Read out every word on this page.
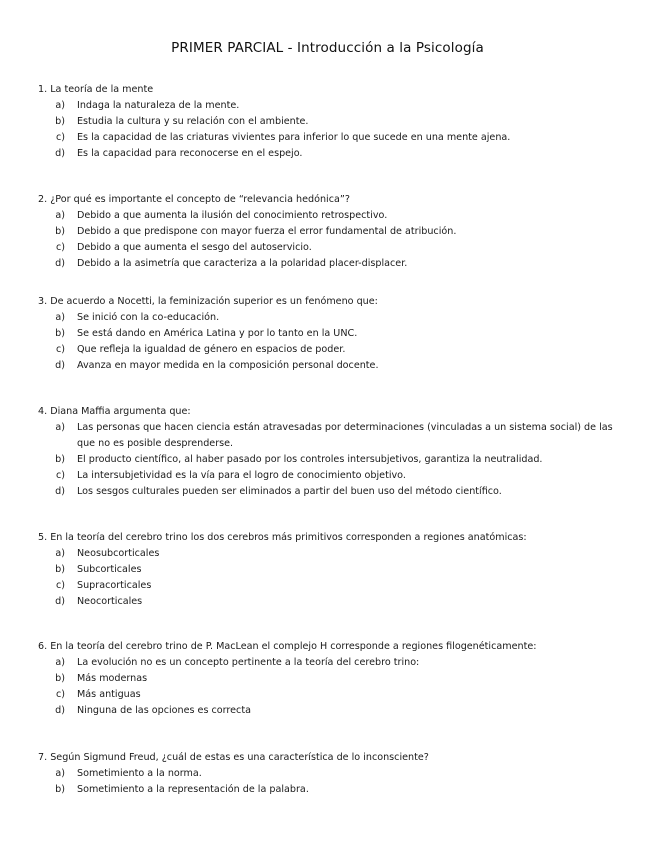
PRIMER PARCIAL - Introducción a la Psicología

1. La teoría de la mente

a)	Indaga la naturaleza de la mente.
b)	Estudia la cultura y su relación con el ambiente.
c)	Es la capacidad de las criaturas vivientes para inferior lo que sucede en una mente ajena.
d)	Es la capacidad para reconocerse en el espejo.

2. ¿Por qué es importante el concepto de “relevancia hedónica”?

a)	Debido a que aumenta la ilusión del conocimiento retrospectivo.
b)	Debido a que predispone con mayor fuerza el error fundamental de atribución.
c)	Debido a que aumenta el sesgo del autoservicio.
d)	Debido a la asimetría que caracteriza a la polaridad placer-displacer.

3. De acuerdo a Nocetti, la feminización superior es un fenómeno que:

a)	Se inició con la co-educación.
b)	Se está dando en América Latina y por lo tanto en la UNC.
c)	Que refleja la igualdad de género en espacios de poder.
d)	Avanza en mayor medida en la composición personal docente.

4. Diana Maffia argumenta que:

a)	Las personas que hacen ciencia están atravesadas por determinaciones (vinculadas a un sistema social) de las que no es posible desprenderse.
b)	El producto científico, al haber pasado por los controles intersubjetivos, garantiza la neutralidad.
c)	La intersubjetividad es la vía para el logro de conocimiento objetivo.
d)	Los sesgos culturales pueden ser eliminados a partir del buen uso del método científico.

5. En la teoría del cerebro trino los dos cerebros más primitivos corresponden a regiones anatómicas:

a)	Neosubcorticales
b)	Subcorticales
c)	Supracorticales
d)	Neocorticales

6. En la teoría del cerebro trino de P. MacLean el complejo H corresponde a regiones filogenéticamente:

a)	La evolución no es un concepto pertinente a la teoría del cerebro trino:
b)	Más modernas
c)	Más antiguas
d)	Ninguna de las opciones es correcta

7. Según Sigmund Freud, ¿cuál de estas es una característica de lo inconsciente?

a)	Sometimiento a la norma.
b)	Sometimiento a la representación de la palabra.
